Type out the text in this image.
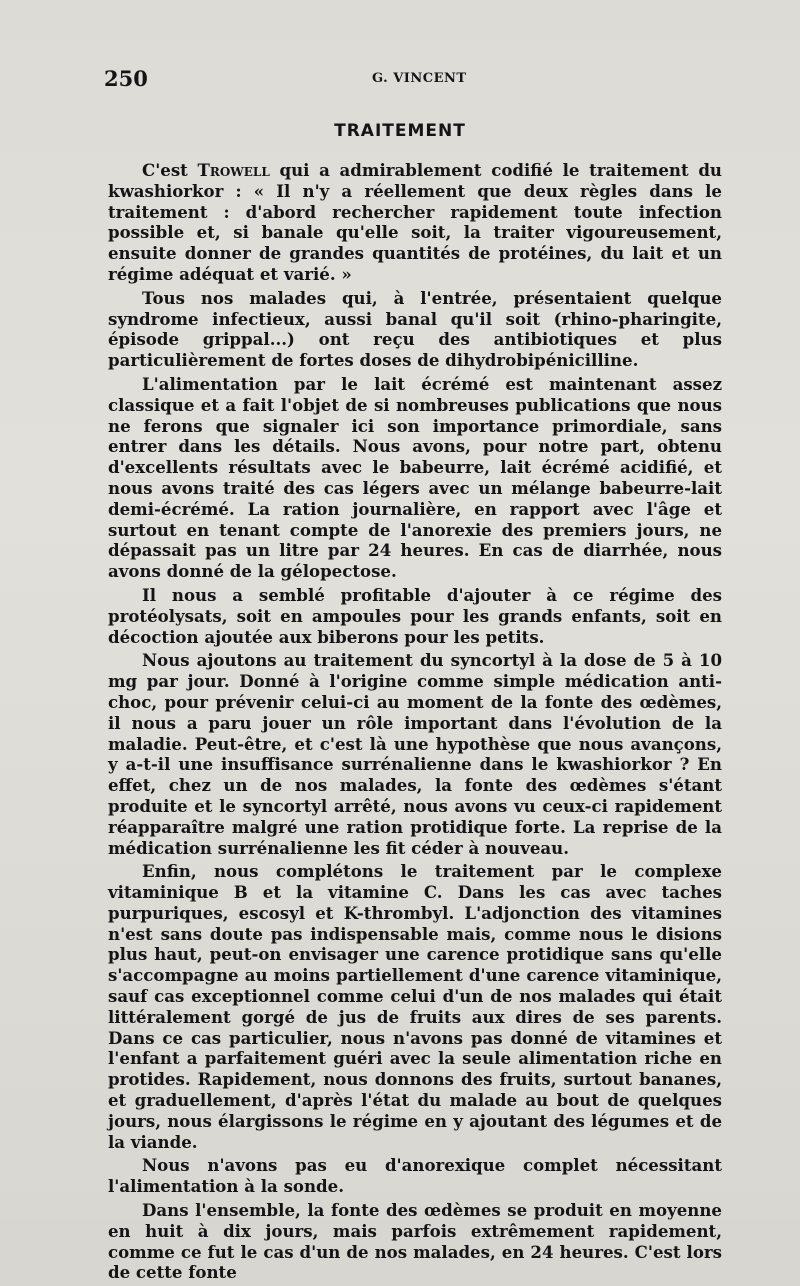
250	G. VINCENT
TRAITEMENT

C'est Trowell qui a admirablement codifié le traitement du kwashiorkor : « Il n'y a réellement que deux règles dans le traitement : d'abord rechercher rapidement toute infection possible et, si banale qu'elle soit, la traiter vigoureusement, ensuite donner de grandes quantités de protéines, du lait et un régime adéquat et varié. »

Tous nos malades qui, à l'entrée, présentaient quelque syndrome infectieux, aussi banal qu'il soit (rhino-pharingite, épisode grippal...) ont reçu des antibiotiques et plus particulièrement de fortes doses de dihydrobipénicilline.

L'alimentation par le lait écrémé est maintenant assez classique et a fait l'objet de si nombreuses publications que nous ne ferons que signaler ici son importance primordiale, sans entrer dans les détails. Nous avons, pour notre part, obtenu d'excellents résultats avec le babeurre, lait écrémé acidifié, et nous avons traité des cas légers avec un mélange babeurre-lait demi-écrémé. La ration journalière, en rapport avec l'âge et surtout en tenant compte de l'anorexie des premiers jours, ne dépassait pas un litre par 24 heures. En cas de diarrhée, nous avons donné de la gélopectose.

Il nous a semblé profitable d'ajouter à ce régime des protéolysats, soit en ampoules pour les grands enfants, soit en décoction ajoutée aux biberons pour les petits.

Nous ajoutons au traitement du syncortyl à la dose de 5 à 10 mg par jour. Donné à l'origine comme simple médication anti-choc, pour prévenir celui-ci au moment de la fonte des œdèmes, il nous a paru jouer un rôle important dans l'évolution de la maladie. Peut-être, et c'est là une hypothèse que nous avançons, y a-t-il une insuffisance surrénalienne dans le kwashiorkor ? En effet, chez un de nos malades, la fonte des œdèmes s'étant produite et le syncortyl arrêté, nous avons vu ceux-ci rapidement réapparaître malgré une ration protidique forte. La reprise de la médication surrénalienne les fit céder à nouveau.

Enfin, nous complétons le traitement par le complexe vitaminique B et la vitamine C. Dans les cas avec taches purpuriques, escosyl et K-thrombyl. L'adjonction des vitamines n'est sans doute pas indispensable mais, comme nous le disions plus haut, peut-on envisager une carence protidique sans qu'elle s'accompagne au moins partiellement d'une carence vitaminique, sauf cas exceptionnel comme celui d'un de nos malades qui était littéralement gorgé de jus de fruits aux dires de ses parents. Dans ce cas particulier, nous n'avons pas donné de vitamines et l'enfant a parfaitement guéri avec la seule alimentation riche en protides. Rapidement, nous donnons des fruits, surtout bananes, et graduellement, d'après l'état du malade au bout de quelques jours, nous élargissons le régime en y ajoutant des légumes et de la viande.

Nous n'avons pas eu d'anorexique complet nécessitant l'alimentation à la sonde.

Dans l'ensemble, la fonte des œdèmes se produit en moyenne en huit à dix jours, mais parfois extrêmement rapidement, comme ce fut le cas d'un de nos malades, en 24 heures. C'est lors de cette fonte
